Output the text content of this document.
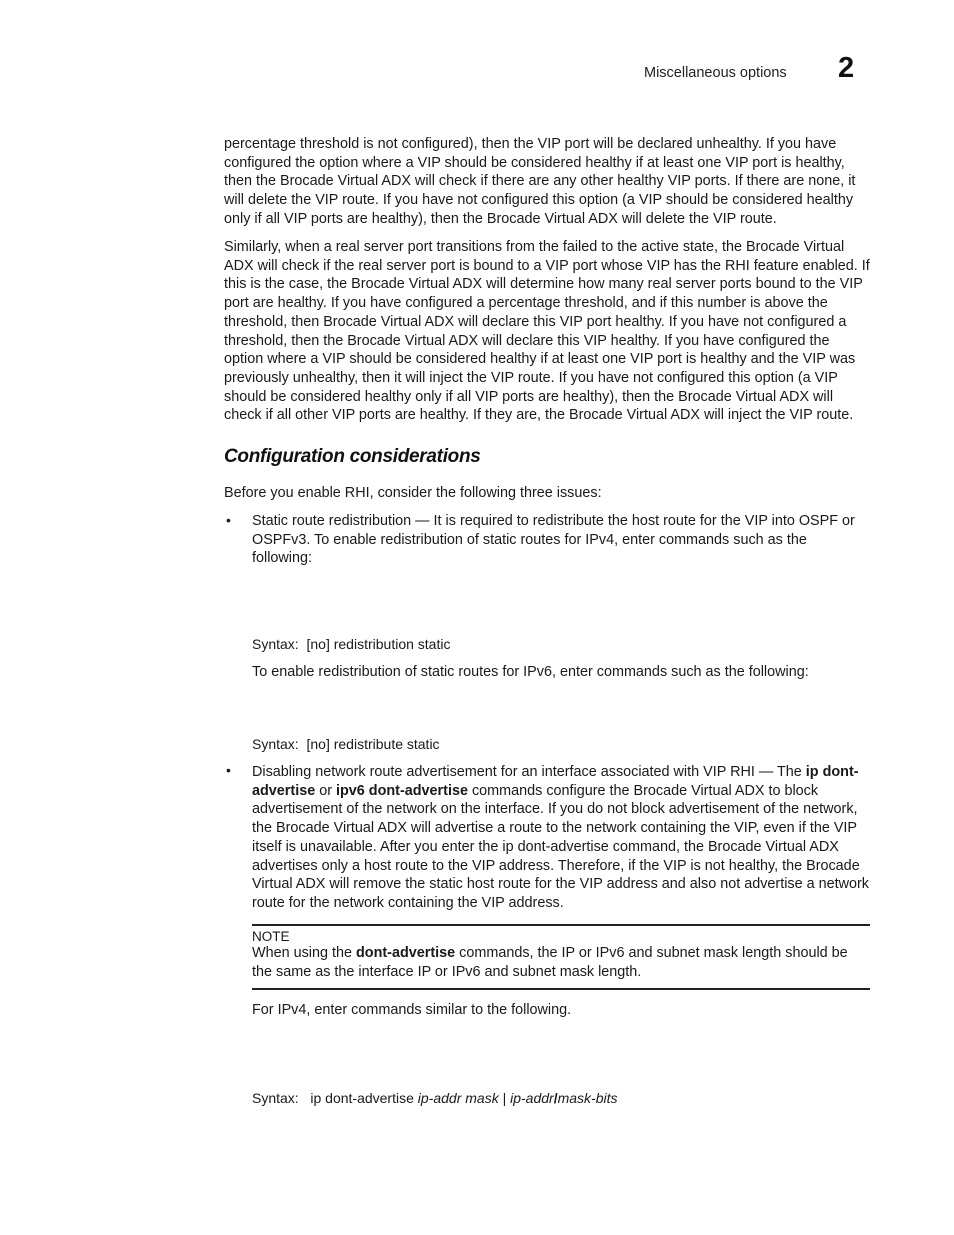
Miscellaneous options 2

percentage threshold is not configured), then the VIP port will be declared unhealthy. If you have configured the option where a VIP should be considered healthy if at least one VIP port is healthy, then the Brocade Virtual ADX will check if there are any other healthy VIP ports. If there are none, it will delete the VIP route. If you have not configured this option (a VIP should be considered healthy only if all VIP ports are healthy), then the Brocade Virtual ADX will delete the VIP route.

Similarly, when a real server port transitions from the failed to the active state, the Brocade Virtual ADX will check if the real server port is bound to a VIP port whose VIP has the RHI feature enabled. If this is the case, the Brocade Virtual ADX will determine how many real server ports bound to the VIP port are healthy. If you have configured a percentage threshold, and if this number is above the threshold, then Brocade Virtual ADX will declare this VIP port healthy. If you have not configured a threshold, then the Brocade Virtual ADX will declare this VIP healthy. If you have configured the option where a VIP should be considered healthy if at least one VIP port is healthy and the VIP was previously unhealthy, then it will inject the VIP route. If you have not configured this option (a VIP should be considered healthy only if all VIP ports are healthy), then the Brocade Virtual ADX will check if all other VIP ports are healthy. If they are, the Brocade Virtual ADX will inject the VIP route.

Configuration considerations

Before you enable RHI, consider the following three issues:

• Static route redistribution — It is required to redistribute the host route for the VIP into OSPF or OSPFv3. To enable redistribution of static routes for IPv4, enter commands such as the following:

Syntax: [no] redistribution static

To enable redistribution of static routes for IPv6, enter commands such as the following:

Syntax: [no] redistribute static
• Disabling network route advertisement for an interface associated with VIP RHI — The ip dont-advertise or ipv6 dont-advertise commands configure the Brocade Virtual ADX to block advertisement of the network on the interface. If you do not block advertisement of the network, the Brocade Virtual ADX will advertise a route to the network containing the VIP, even if the VIP itself is unavailable. After you enter the ip dont-advertise command, the Brocade Virtual ADX advertises only a host route to the VIP address. Therefore, if the VIP is not healthy, the Brocade Virtual ADX will remove the static host route for the VIP address and also not advertise a network route for the network containing the VIP address.

NOTE

When using the dont-advertise commands, the IP or IPv6 and subnet mask length should be the same as the interface IP or IPv6 and subnet mask length.

For IPv4, enter commands similar to the following.

Syntax: ip dont-advertise ip-addr mask | ip-addr/mask-bits
